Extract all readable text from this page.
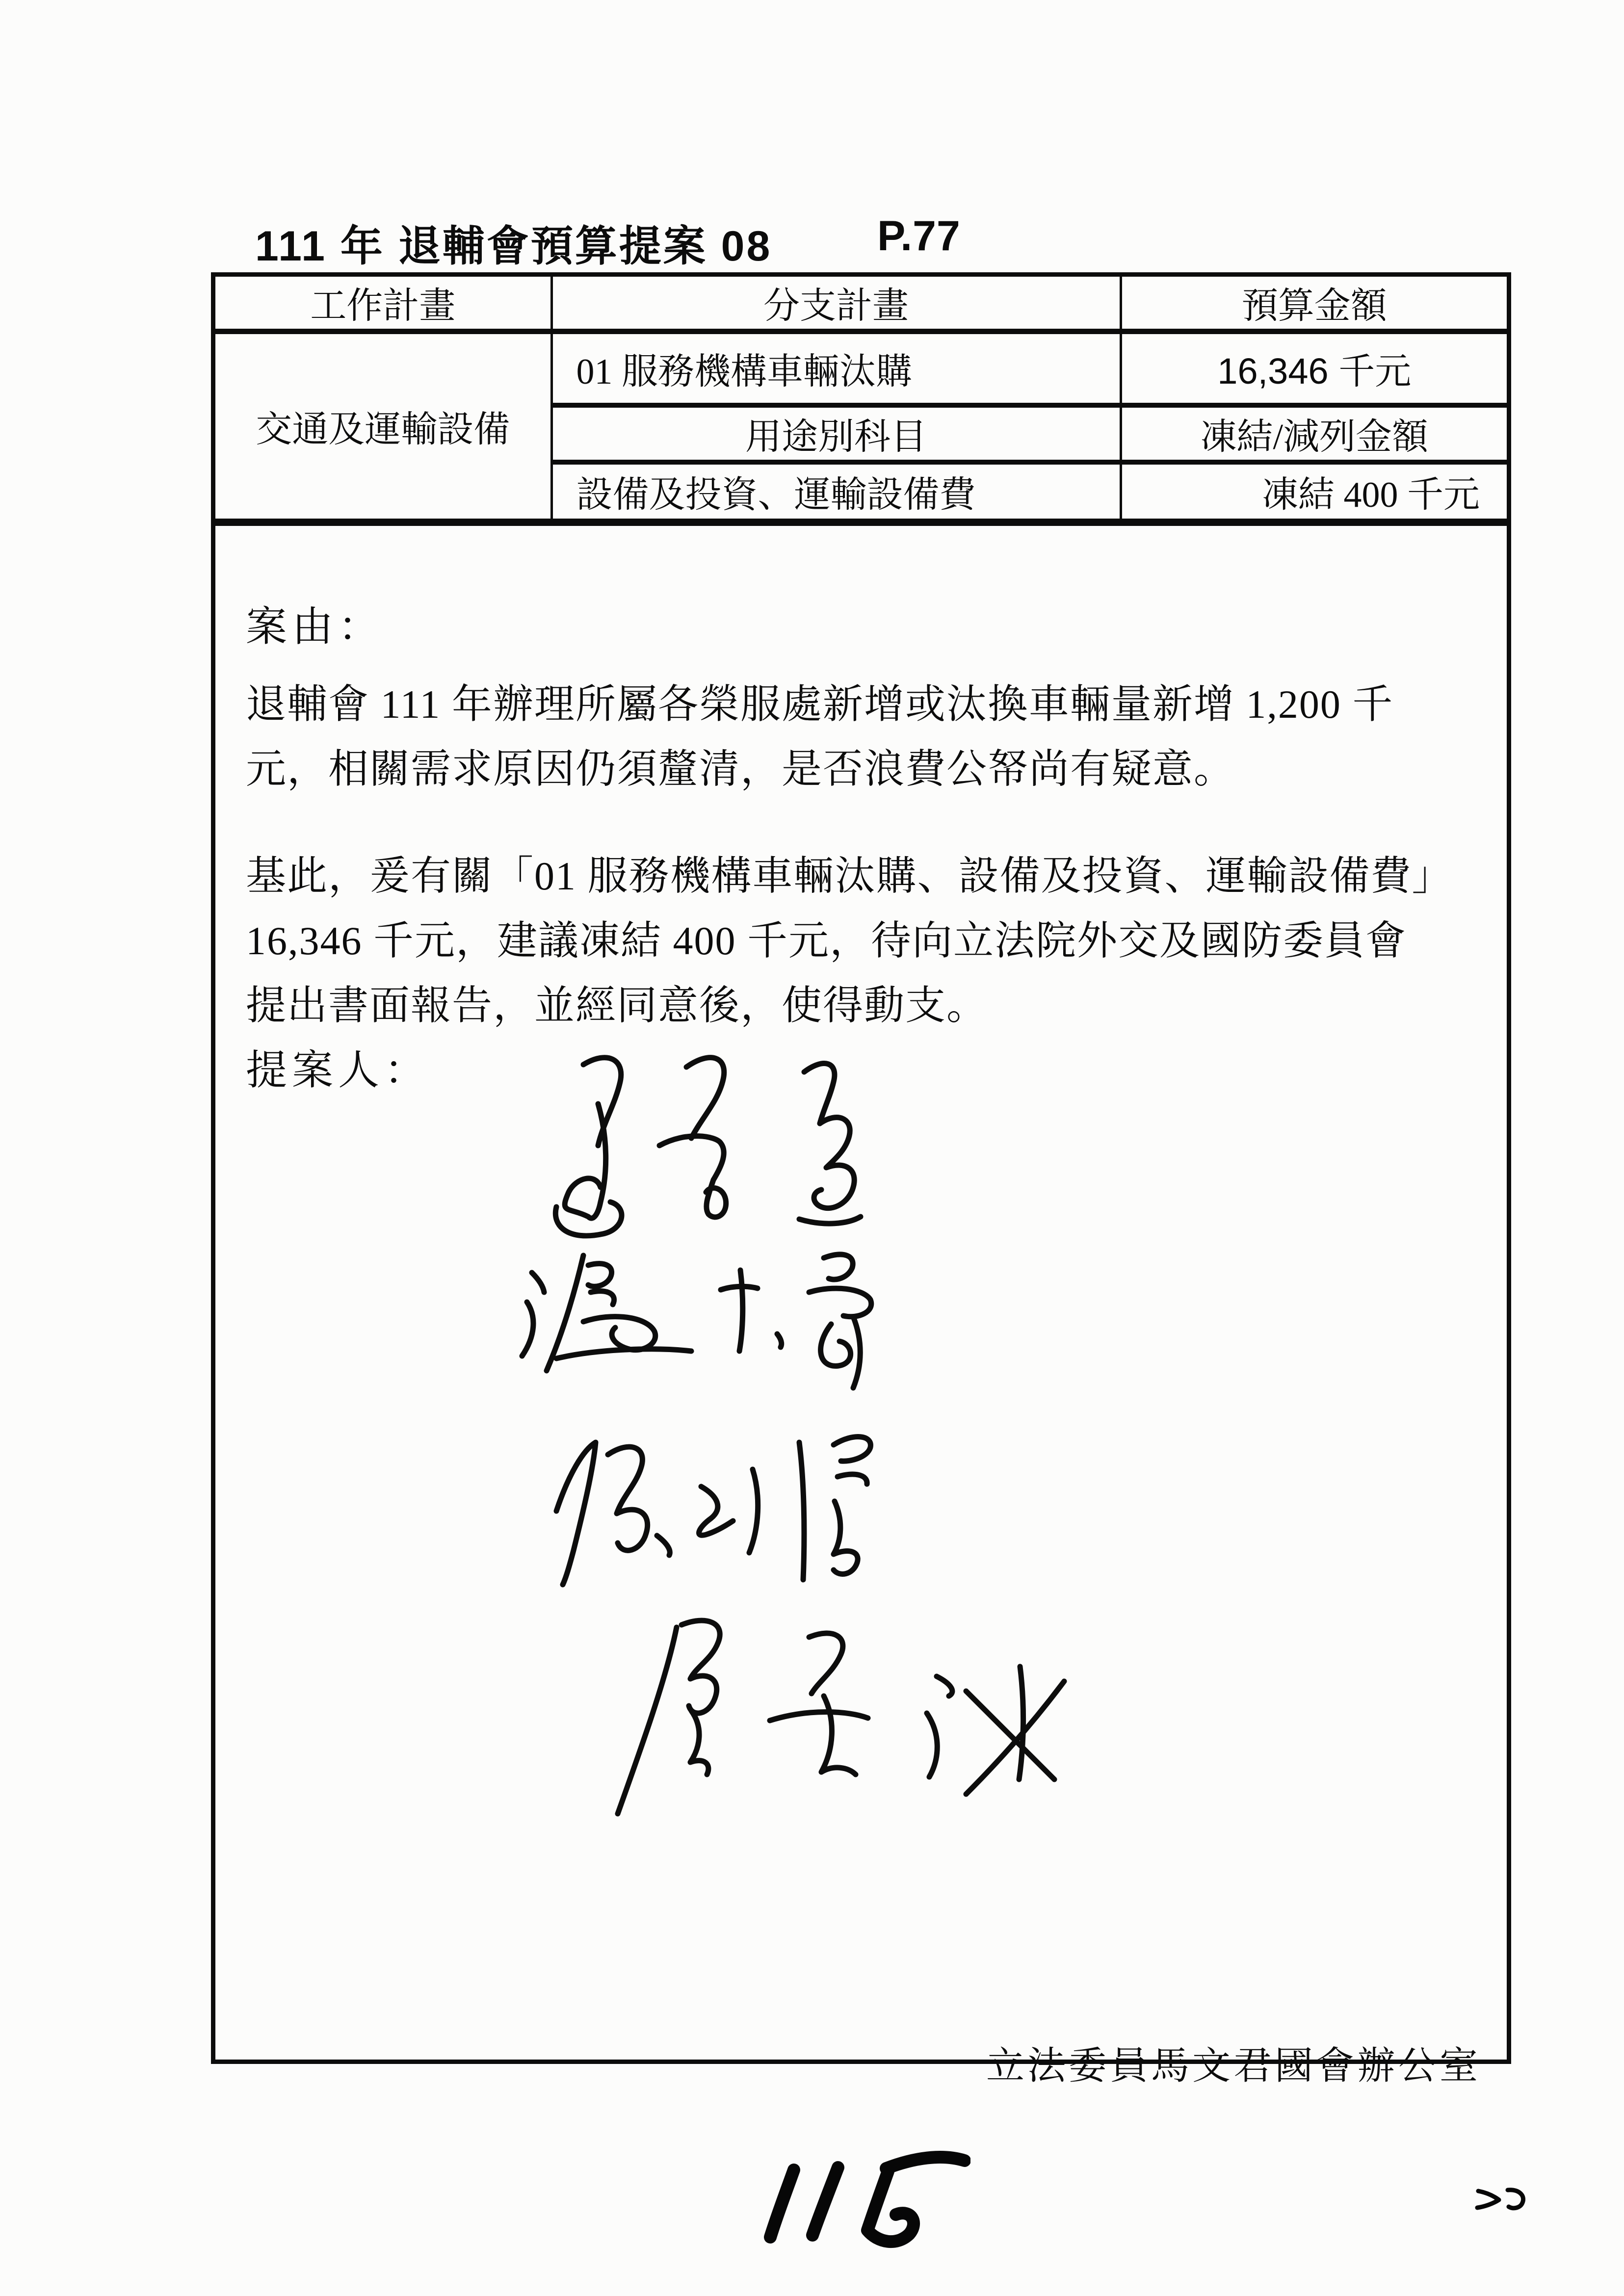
111 年 退輔會預算提案 08 P.77
工作計畫	分支計畫	預算金額
交通及運輸設備	01 服務機構車輛汰購	16,346 千元
	用途別科目	凍結/減列金額
	設備及投資、運輸設備費	凍結 400 千元
案由：
退輔會 111 年辦理所屬各榮服處新增或汰換車輛量新增 1,200 千
元，相關需求原因仍須釐清，是否浪費公帑尚有疑意。
基此，爰有關「01 服務機構車輛汰購、設備及投資、運輸設備費」
16,346 千元，建議凍結 400 千元，待向立法院外交及國防委員會
提出書面報告，並經同意後，使得動支。
提案人：
立法委員馬文君國會辦公室
